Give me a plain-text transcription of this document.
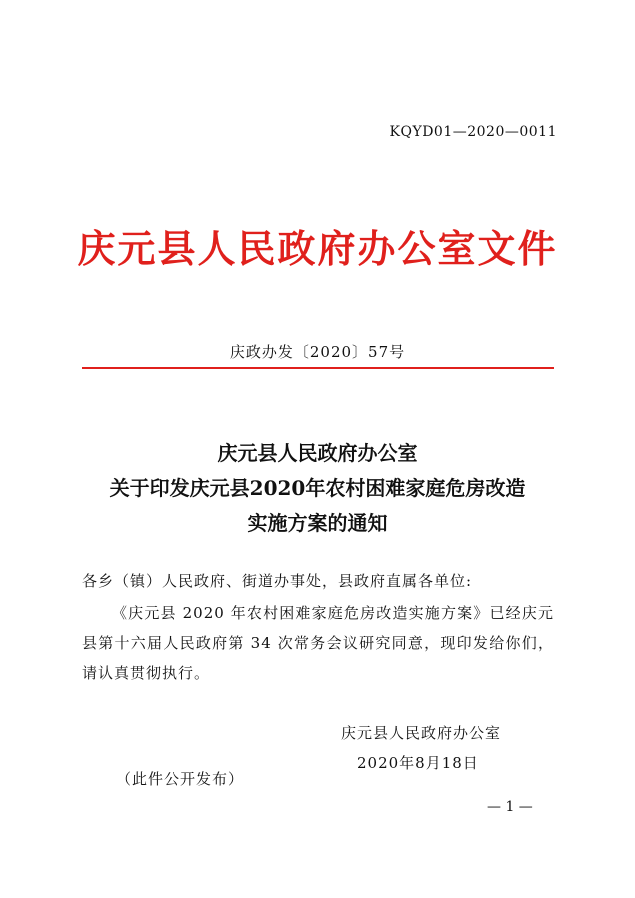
KQYD01—2020—0011
庆元县人民政府办公室文件
庆政办发〔2020〕57号
庆元县人民政府办公室
关于印发庆元县2020年农村困难家庭危房改造
实施方案的通知
各乡（镇）人民政府、街道办事处，县政府直属各单位:
《庆元县 2020 年农村困难家庭危房改造实施方案》已经庆元县第十六届人民政府第 34 次常务会议研究同意，现印发给你们，请认真贯彻执行。
庆元县人民政府办公室
2020年8月18日
（此件公开发布）
— 1 —
